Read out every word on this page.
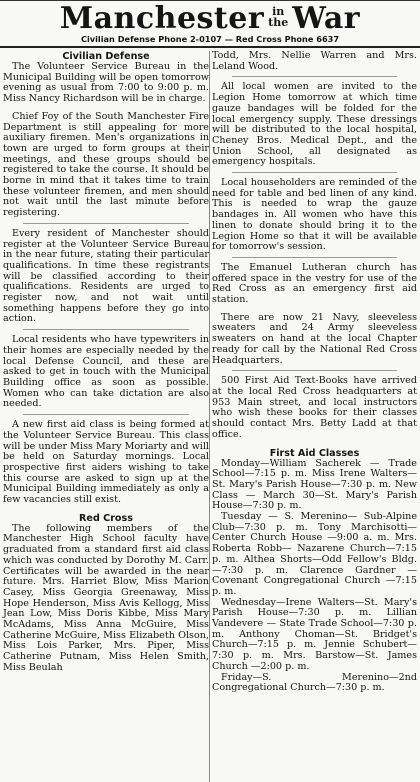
Manchester in
the War
Civilian Defense Phone 2-0107 — Red Cross Phone 6637
Civilian Defense

The Volunteer Service Bureau in the Municipal Building will be open tomorrow evening as usual from 7:00 to 9:00 p. m. Miss Nancy Richardson will be in charge.

Chief Foy of the South Manchester Fire Department is still appealing for more auxiliary firemen. Men's organizations in town are urged to form groups at their meetings, and these groups should be registered to take the course. It should be borne in mind that it takes time to train these volunteer firemen, and men should not wait until the last minute before registering.

Every resident of Manchester should register at the Volunteer Service Bureau in the near future, stating their particular qualifications. In time these registrants will be classified according to their qualifications. Residents are urged to register now, and not wait until something happens before they go into action.

Local residents who have typewriters in their homes are especially needed by the local Defense Council, and these are asked to get in touch with the Municipal Building office as soon as possible. Women who can take dictation are also needed.

A new first aid class is being formed at the Volunteer Service Bureau. This class will be under Miss Mary Moriarty and will be held on Saturday mornings. Local prospective first aiders wishing to take this course are asked to sign up at the Municipal Building immediately as only a few vacancies still exist.

Red Cross

The following members of the Manchester High School faculty have graduated from a standard first aid class which was conducted by Dorothy M. Carr. Certificates will be awarded in the near future. Mrs. Harriet Blow, Miss Marion Casey, Miss Georgia Greenaway, Miss Hope Henderson, Miss Avis Kellogg, Miss Jean Low, Miss Doris Kibbe, Miss Mary McAdams, Miss Anna McGuire, Miss Catherine McGuire, Miss Elizabeth Olson, Miss Lois Parker, Mrs. Piper, Miss Catherine Putnam, Miss Helen Smith, Miss Beulah

Todd, Mrs. Nellie Warren and Mrs. Leland Wood.

All local women are invited to the Legion Home tomorrow at which time gauze bandages will be folded for the local emergency supply. These dressings will be distributed to the local hospital, Cheney Bros. Medical Dept., and the Union School, all designated as emergency hospitals.

Local householders are reminded of the need for table and bed linen of any kind. This is needed to wrap the gauze bandages in. All women who have this linen to donate should bring it to the Legion Home so that it will be available for tomorrow's session.

The Emanuel Lutheran church has offered space in the vestry for use of the Red Cross as an emergency first aid station.

There are now 21 Navy, sleeveless sweaters and 24 Army sleeveless sweaters on hand at the local Chapter ready for call by the National Red Cross Headquarters.

500 First Aid Text-Books have arrived at the local Red Cross headquarters at 953 Main street, and local instructors who wish these books for their classes should contact Mrs. Betty Ladd at that office.

First Aid Classes

Monday—William Sacherek — Trade School—7:15 p. m. Miss Irene Walters—St. Mary's Parish House—7:30 p. m. New Class — March 30—St. Mary's Parish House—7:30 p. m.

Tuesday — S. Merenino— Sub-Alpine Club—7:30 p. m. Tony Marchisotti—Center Church House —9:00 a. m. Mrs. Roberta Robb— Nazarene Church—7:15 p. m. Althea Shorts—Odd Fellow's Bldg. —7:30 p. m. Clarence Gardner — Covenant Congregational Church —7:15 p. m.

Wednesday—Irene Walters—St. Mary's Parish House—7:30 p. m. Lillian Vandevere — State Trade School—7:30 p. m. Anthony Choman—St. Bridget's Church—7:15 p. m. Jennie Schubert—7:30 p. m. Mrs. Barstow—St. James Church —2:00 p. m.

Friday—S. Merenino—2nd Congregational Church—7:30 p. m.
